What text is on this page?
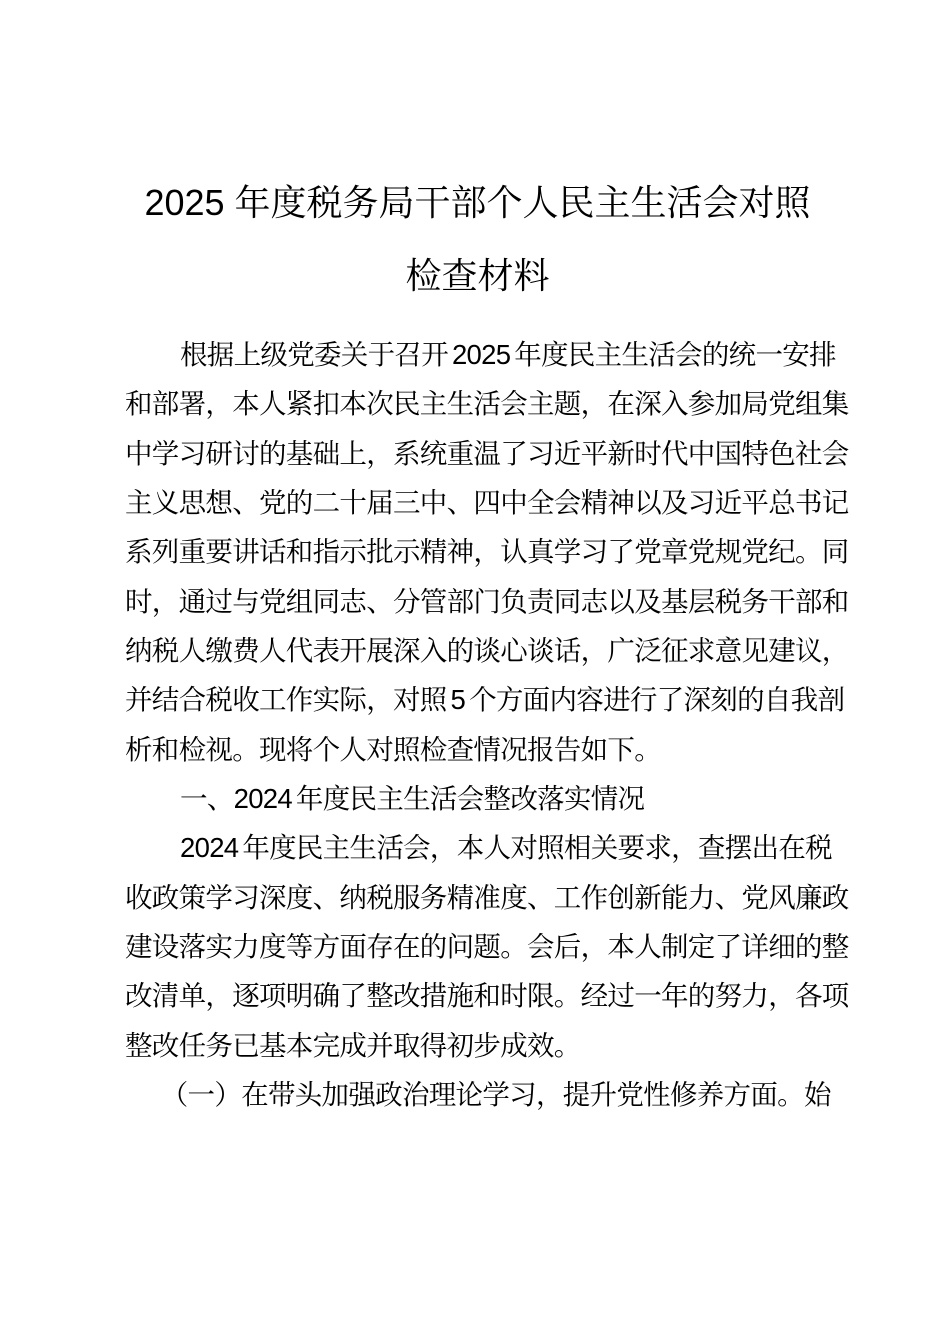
2025 年度税务局干部个人民主生活会对照
检查材料
根据上级党委关于召开 2025 年度民主生活会的统一安排
和部署，本人紧扣本次民主生活会主题，在深入参加局党组集
中学习研讨的基础上，系统重温了习近平新时代中国特色社会
主义思想、党的二十届三中、四中全会精神以及习近平总书记
系列重要讲话和指示批示精神，认真学习了党章党规党纪。同
时，通过与党组同志、分管部门负责同志以及基层税务干部和
纳税人缴费人代表开展深入的谈心谈话，广泛征求意见建议，
并结合税收工作实际，对照 5 个方面内容进行了深刻的自我剖
析和检视。现将个人对照检查情况报告如下。
一、2024 年度民主生活会整改落实情况
2024 年度民主生活会，本人对照相关要求，查摆出在税
收政策学习深度、纳税服务精准度、工作创新能力、党风廉政
建设落实力度等方面存在的问题。会后，本人制定了详细的整
改清单，逐项明确了整改措施和时限。经过一年的努力，各项
整改任务已基本完成并取得初步成效。
（一）在带头加强政治理论学习，提升党性修养方面。始
